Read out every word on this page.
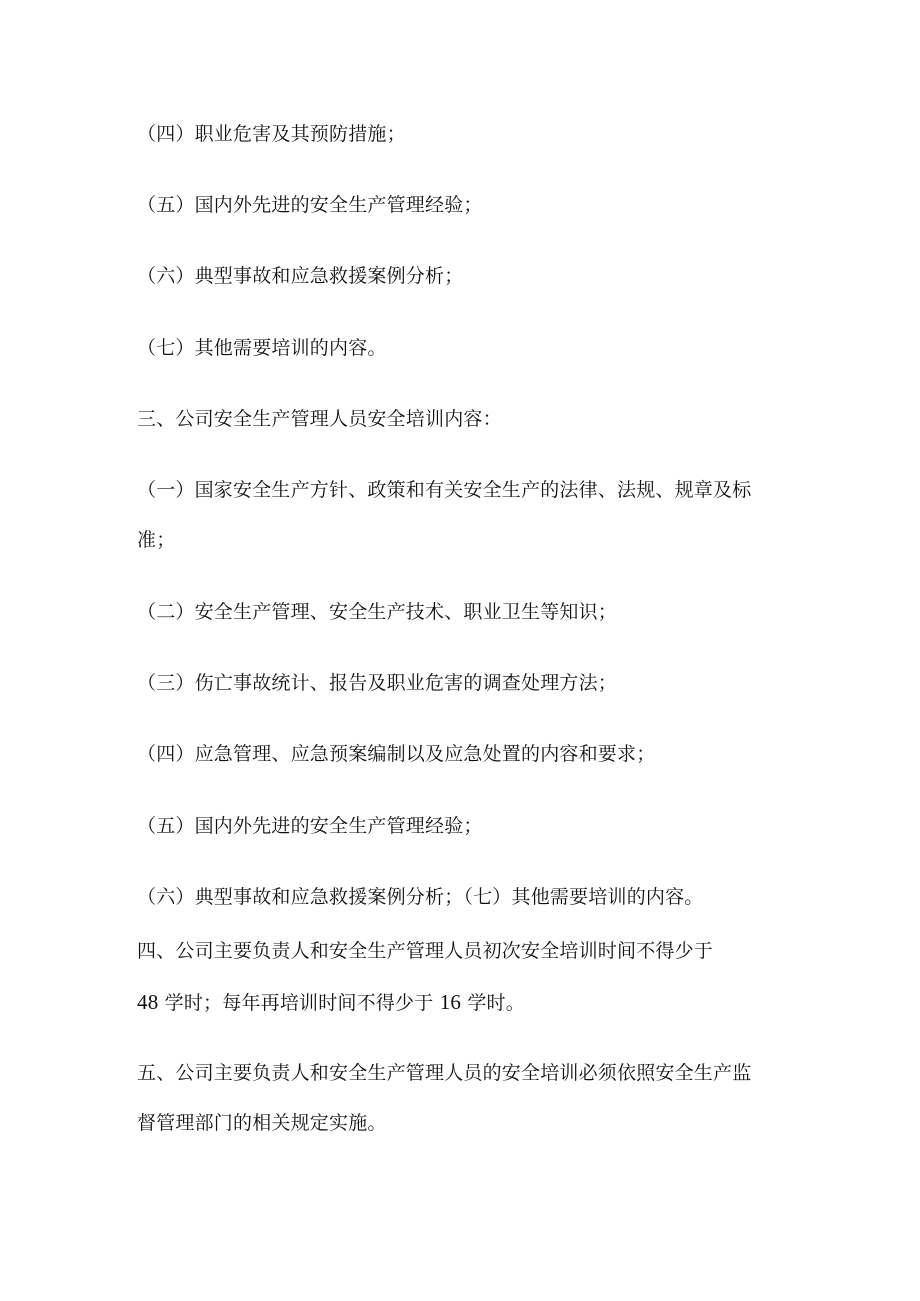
（四）职业危害及其预防措施；
（五）国内外先进的安全生产管理经验；
（六）典型事故和应急救援案例分析；
（七）其他需要培训的内容。
三、公司安全生产管理人员安全培训内容：
（一）国家安全生产方针、政策和有关安全生产的法律、法规、规章及标
准；
（二）安全生产管理、安全生产技术、职业卫生等知识；
（三）伤亡事故统计、报告及职业危害的调查处理方法；
（四）应急管理、应急预案编制以及应急处置的内容和要求；
（五）国内外先进的安全生产管理经验；
（六）典型事故和应急救援案例分析；（七）其他需要培训的内容。
四、公司主要负责人和安全生产管理人员初次安全培训时间不得少于
48 学时；每年再培训时间不得少于 16 学时。
五、公司主要负责人和安全生产管理人员的安全培训必须依照安全生产监
督管理部门的相关规定实施。
